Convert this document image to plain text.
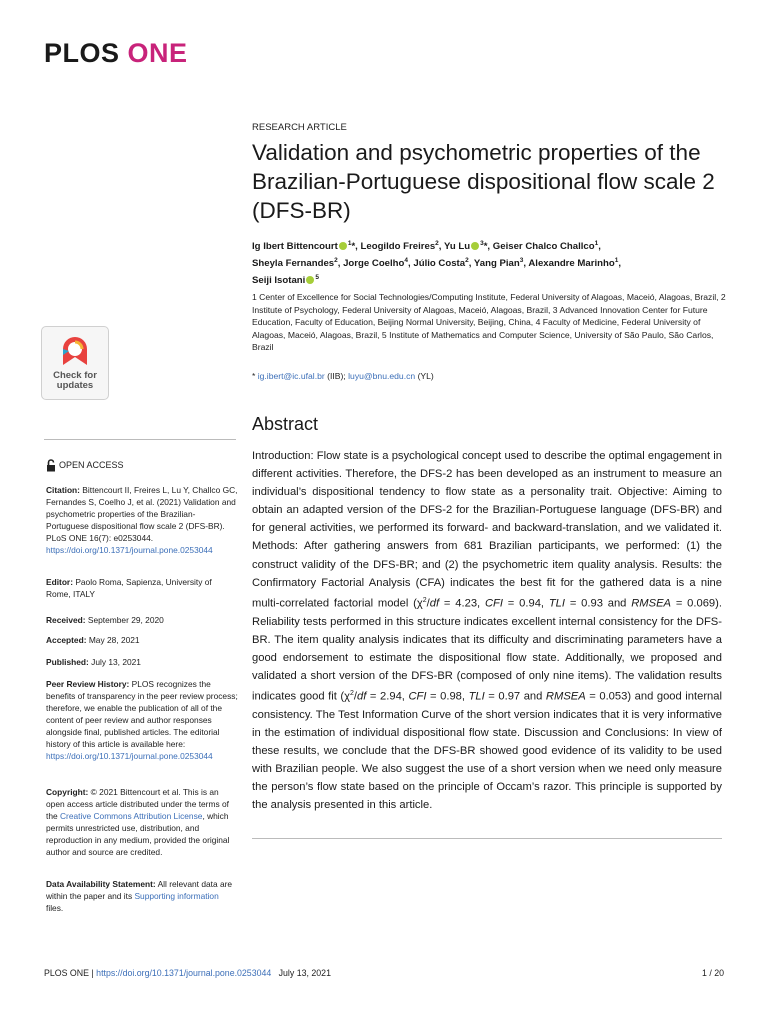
PLOS ONE
RESEARCH ARTICLE
Validation and psychometric properties of the Brazilian-Portuguese dispositional flow scale 2 (DFS-BR)
Ig Ibert Bittencourt $^1$*, Leogildo Freires$^2$, Yu Lu $^3$*, Geiser Chalco Challco$^1$,
Sheyla Fernandes$^2$, Jorge Coelho$^4$, Júlio Costa$^2$, Yang Pian$^3$, Alexandre Marinho$^1$,
Seiji Isotani $^5$
1 Center of Excellence for Social Technologies/Computing Institute, Federal University of Alagoas, Maceió, Alagoas, Brazil, 2 Institute of Psychology, Federal University of Alagoas, Maceió, Alagoas, Brazil, 3 Advanced Innovation Center for Future Education, Faculty of Education, Beijing Normal University, Beijing, China, 4 Faculty of Medicine, Federal University of Alagoas, Maceió, Alagoas, Brazil, 5 Institute of Mathematics and Computer Science, University of São Paulo, São Carlos, Brazil
* ig.ibert@ic.ufal.br (IIB); luyu@bnu.edu.cn (YL)
Abstract
Introduction: Flow state is a psychological concept used to describe the optimal engagement in different activities. Therefore, the DFS-2 has been developed as an instrument to measure an individual’s dispositional tendency to flow state as a personality trait. Objective: Aiming to obtain an adapted version of the DFS-2 for the Brazilian-Portuguese language (DFS-BR) and for general activities, we performed its forward- and backward-translation, and we validated it. Methods: After gathering answers from 681 Brazilian participants, we performed: (1) the construct validity of the DFS-BR; and (2) the psychometric item quality analysis. Results: the Confirmatory Factorial Analysis (CFA) indicates the best fit for the gathered data is a nine multi-correlated factorial model ($\chi^2/df = 4.23$, CFI = 0.94, TLI = 0.93 and RMSEA = 0.069). Reliability tests performed in this structure indicates excellent internal consistency for the DFS-BR. The item quality analysis indicates that its difficulty and discriminating parameters have a good endorsement to estimate the dispositional flow state. Additionally, we proposed and validated a short version of the DFS-BR (composed of only nine items). The validation results indicates good fit ($\chi^2/df = 2.94$, CFI = 0.98, TLI = 0.97 and RMSEA = 0.053) and good internal consistency. The Test Information Curve of the short version indicates that it is very informative in the estimation of individual dispositional flow state. Discussion and Conclusions: In view of these results, we conclude that the DFS-BR showed good evidence of its validity to be used with Brazilian people. We also suggest the use of a short version when we need only measure the person’s flow state based on the principle of Occam’s razor. This principle is supported by the analysis presented in this article.
Check for
updates
OPEN ACCESS
Citation: Bittencourt II, Freires L, Lu Y, Challco GC, Fernandes S, Coelho J, et al. (2021) Validation and psychometric properties of the Brazilian-Portuguese dispositional flow scale 2 (DFS-BR). PLoS ONE 16(7): e0253044. https://doi.org/10.1371/journal.pone.0253044
Editor: Paolo Roma, Sapienza, University of Rome, ITALY
Received: September 29, 2020
Accepted: May 28, 2021
Published: July 13, 2021
Peer Review History: PLOS recognizes the benefits of transparency in the peer review process; therefore, we enable the publication of all of the content of peer review and author responses alongside final, published articles. The editorial history of this article is available here: https://doi.org/10.1371/journal.pone.0253044
Copyright: © 2021 Bittencourt et al. This is an open access article distributed under the terms of the Creative Commons Attribution License, which permits unrestricted use, distribution, and reproduction in any medium, provided the original author and source are credited.
Data Availability Statement: All relevant data are within the paper and its Supporting information files.
PLOS ONE | https://doi.org/10.1371/journal.pone.0253044 July 13, 2021	1 / 20
